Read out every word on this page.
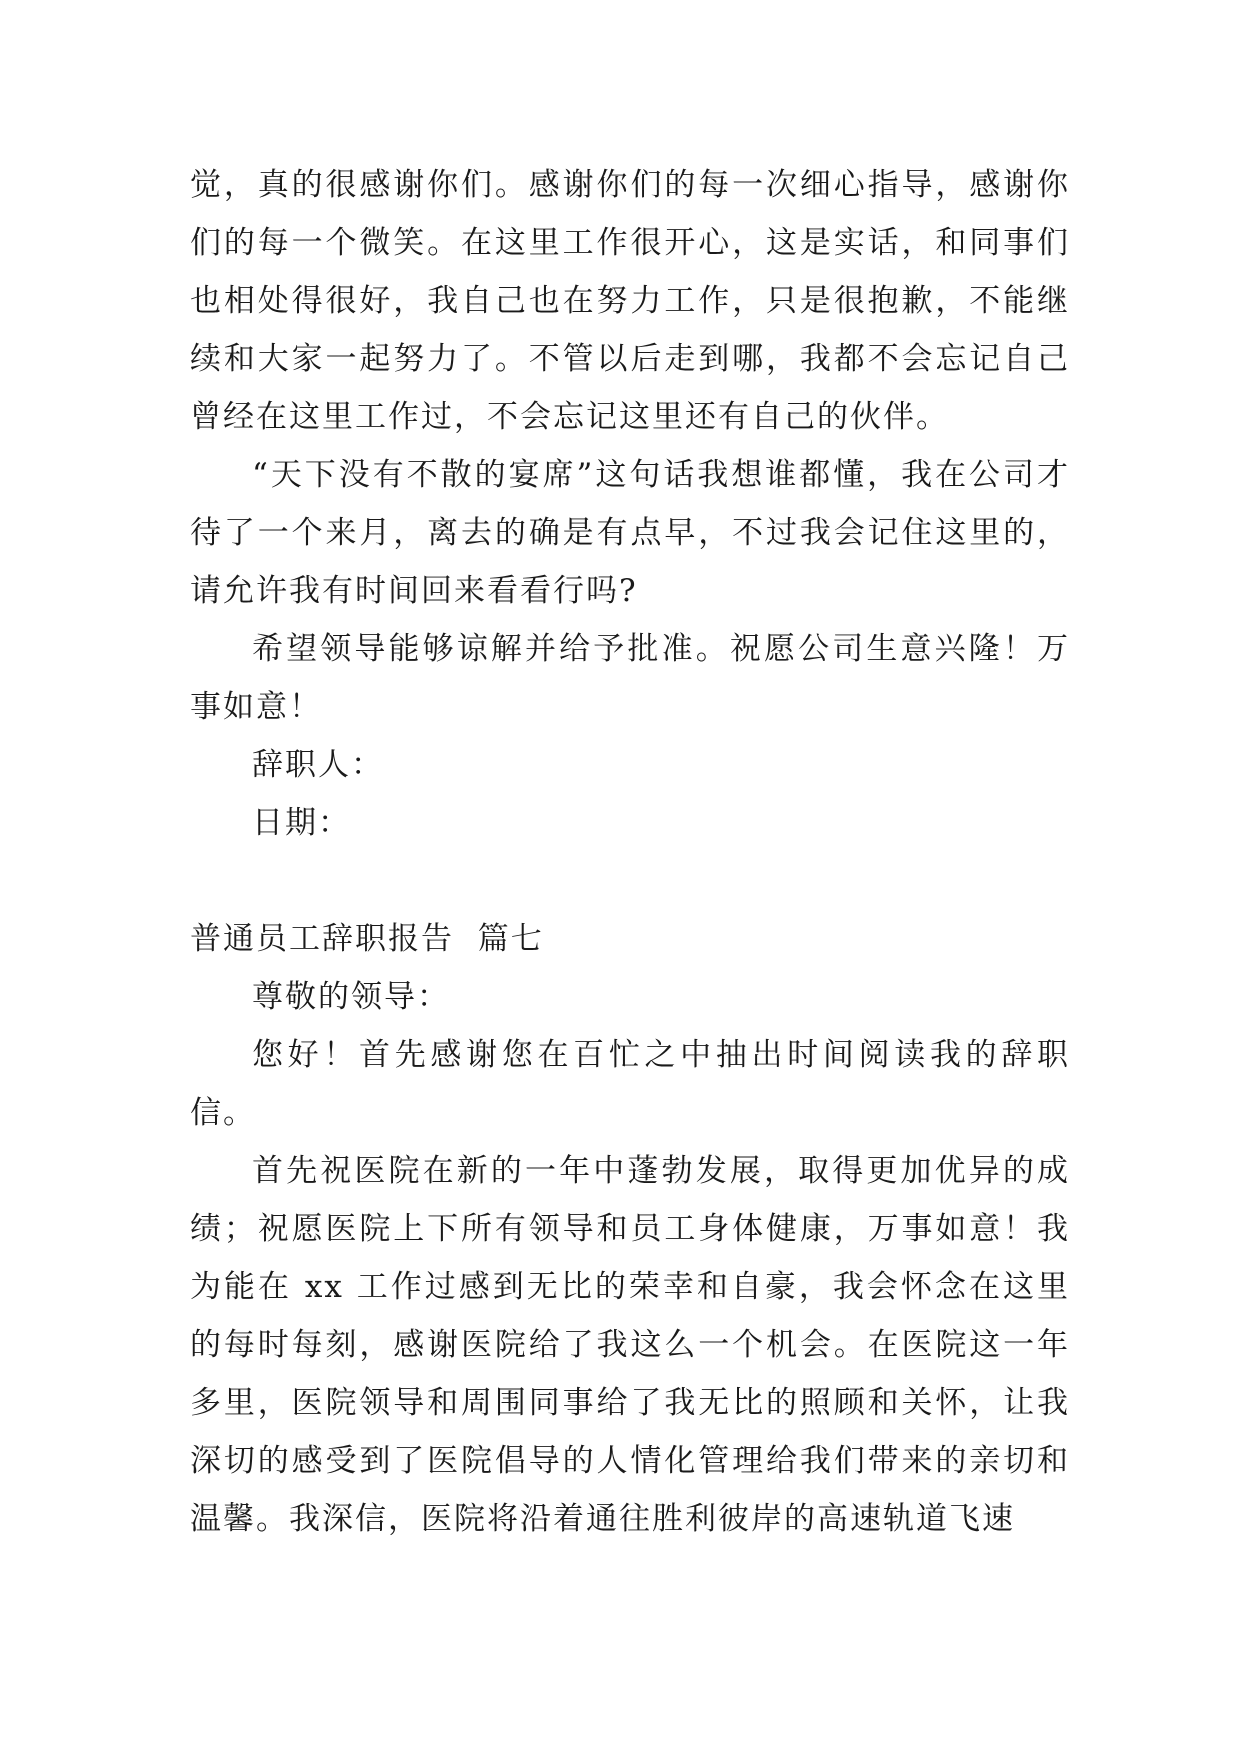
觉，真的很感谢你们。感谢你们的每一次细心指导，感谢你们的每一个微笑。在这里工作很开心，这是实话，和同事们也相处得很好，我自己也在努力工作，只是很抱歉，不能继续和大家一起努力了。不管以后走到哪，我都不会忘记自己曾经在这里工作过，不会忘记这里还有自己的伙伴。

“天下没有不散的宴席”这句话我想谁都懂，我在公司才待了一个来月，离去的确是有点早，不过我会记住这里的，请允许我有时间回来看看行吗?

希望领导能够谅解并给予批准。祝愿公司生意兴隆！万事如意！

辞职人：

日期：

普通员工辞职报告  篇七

尊敬的领导：

您好！首先感谢您在百忙之中抽出时间阅读我的辞职信。

首先祝医院在新的一年中蓬勃发展，取得更加优异的成绩；祝愿医院上下所有领导和员工身体健康，万事如意！我为能在 xx 工作过感到无比的荣幸和自豪，我会怀念在这里的每时每刻，感谢医院给了我这么一个机会。在医院这一年多里，医院领导和周围同事给了我无比的照顾和关怀，让我深切的感受到了医院倡导的人情化管理给我们带来的亲切和温馨。我深信，医院将沿着通往胜利彼岸的高速轨道飞速
